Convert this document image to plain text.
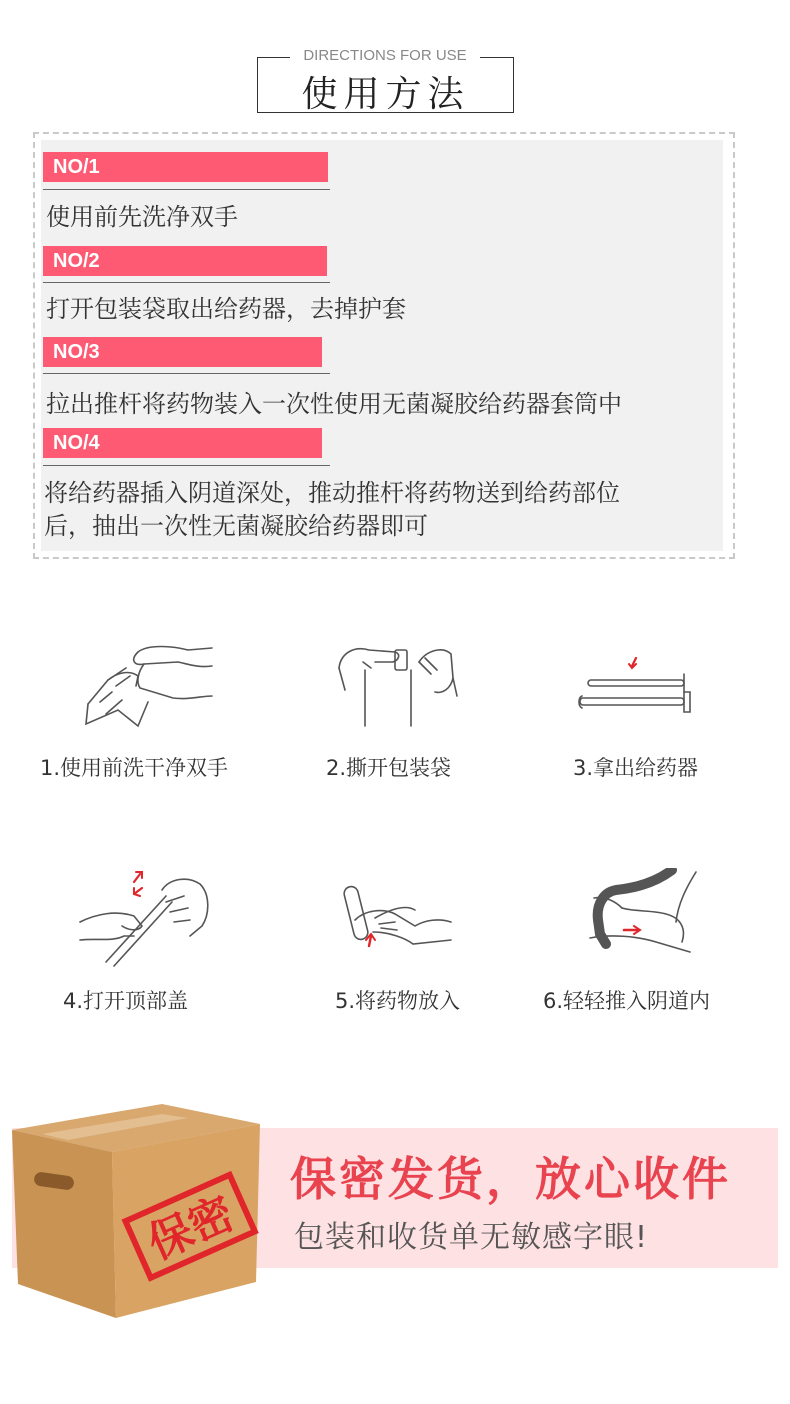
DIRECTIONS FOR USE
使用方法
NO/1
使用前先洗净双手
NO/2
打开包装袋取出给药器，去掉护套
NO/3
拉出推杆将药物装入一次性使用无菌凝胶给药器套筒中
NO/4
将给药器插入阴道深处，推动推杆将药物送到给药部位
后，抽出一次性无菌凝胶给药器即可
1.使用前洗干净双手	2.撕开包装袋	3.拿出给药器
4.打开顶部盖	5.将药物放入	6.轻轻推入阴道内
保密
保密发货，放心收件
包装和收货单无敏感字眼!
